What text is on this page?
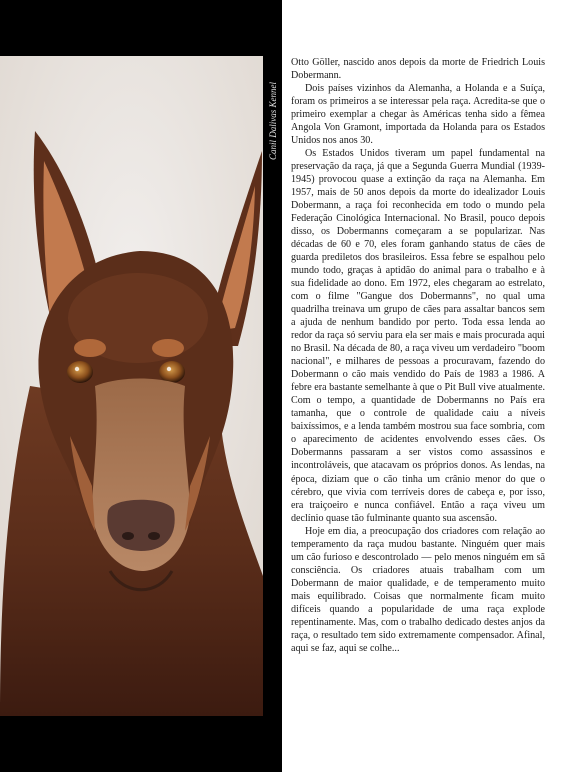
Canil Dalivas Kennel

Otto Göller, nascido anos depois da morte de Friedrich Louis Dobermann.

Dois países vizinhos da Alemanha, a Holanda e a Suíça, foram os primeiros a se interessar pela raça. Acredita-se que o primeiro exemplar a chegar às Américas tenha sido a fêmea Angola Von Gramont, importada da Holanda para os Estados Unidos nos anos 30.

Os Estados Unidos tiveram um papel fundamental na preservação da raça, já que a Segunda Guerra Mundial (1939-1945) provocou quase a extinção da raça na Alemanha. Em 1957, mais de 50 anos depois da morte do idealizador Louis Dobermann, a raça foi reconhecida em todo o mundo pela Federação Cinológica Internacional. No Brasil, pouco depois disso, os Dobermanns começaram a se popularizar. Nas décadas de 60 e 70, eles foram ganhando status de cães de guarda prediletos dos brasileiros. Essa febre se espalhou pelo mundo todo, graças à aptidão do animal para o trabalho e à sua fidelidade ao dono. Em 1972, eles chegaram ao estrelato, com o filme "Gangue dos Dobermanns", no qual uma quadrilha treinava um grupo de cães para assaltar bancos sem a ajuda de nenhum bandido por perto. Toda essa lenda ao redor da raça só serviu para ela ser mais e mais procurada aqui no Brasil. Na década de 80, a raça viveu um verdadeiro "boom nacional", e milhares de pessoas a procuravam, fazendo do Dobermann o cão mais vendido do País de 1983 a 1986. A febre era bastante semelhante à que o Pit Bull vive atualmente. Com o tempo, a quantidade de Dobermanns no País era tamanha, que o controle de qualidade caiu a níveis baixíssimos, e a lenda também mostrou sua face sombria, com o aparecimento de acidentes envolvendo esses cães. Os Dobermanns passaram a ser vistos como assassinos e incontroláveis, que atacavam os próprios donos. As lendas, na época, diziam que o cão tinha um crânio menor do que o cérebro, que vivia com terríveis dores de cabeça e, por isso, era traiçoeiro e nunca confiável. Então a raça viveu um declínio quase tão fulminante quanto sua ascensão.

Hoje em dia, a preocupação dos criadores com relação ao temperamento da raça mudou bastante. Ninguém quer mais um cão furioso e descontrolado — pelo menos ninguém em sã consciência. Os criadores atuais trabalham com um Dobermann de maior qualidade, e de temperamento muito mais equilibrado. Coisas que normalmente ficam muito difíceis quando a popularidade de uma raça explode repentinamente. Mas, com o trabalho dedicado destes anjos da raça, o resultado tem sido extremamente compensador. Afinal, aqui se faz, aqui se colhe...
